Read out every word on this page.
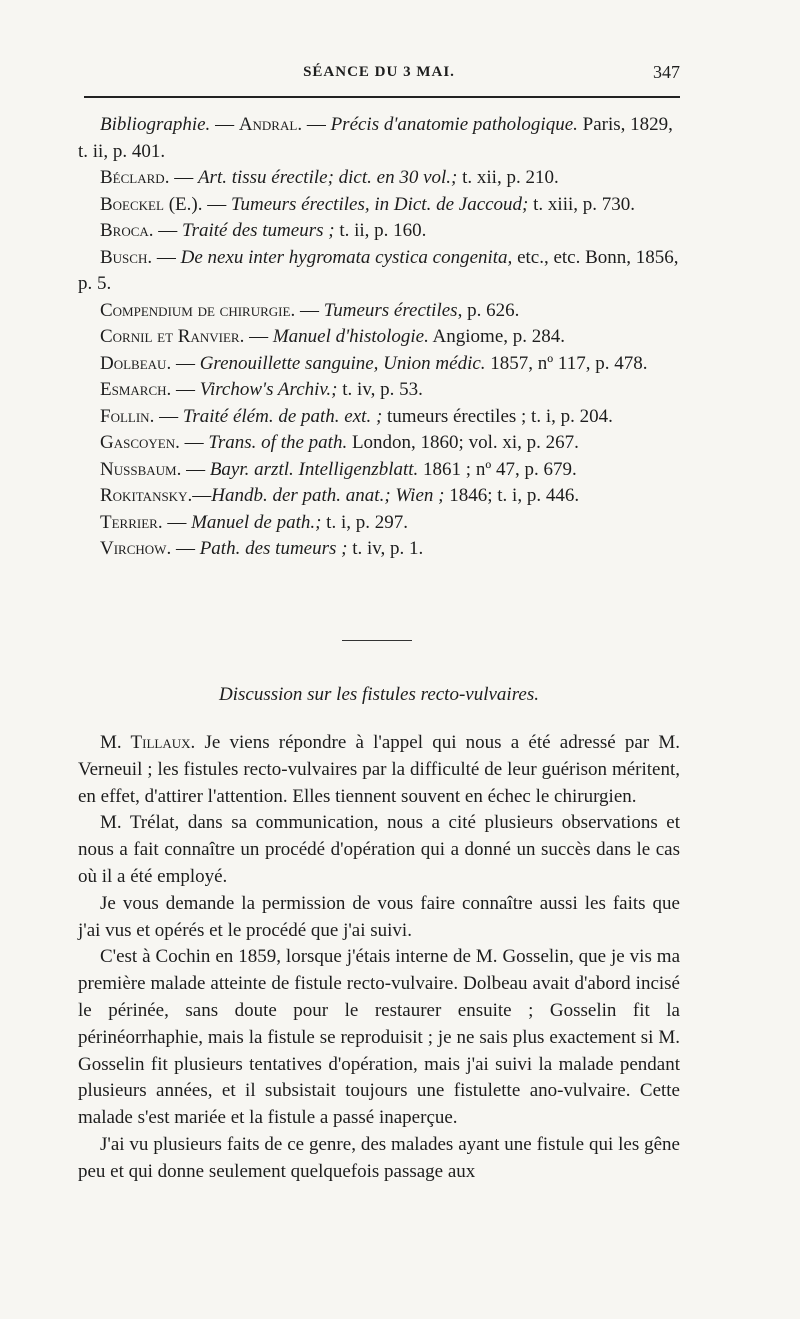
SÉANCE DU 3 MAI.	347

Bibliographie. — Andral. — Précis d'anatomie pathologique. Paris, 1829, t. ii, p. 401.

Béclard. — Art. tissu érectile; dict. en 30 vol.; t. xii, p. 210.

Boeckel (E.). — Tumeurs érectiles, in Dict. de Jaccoud; t. xiii, p. 730.

Broca. — Traité des tumeurs ; t. ii, p. 160.

Busch. — De nexu inter hygromata cystica congenita, etc., etc. Bonn, 1856, p. 5.

Compendium de chirurgie. — Tumeurs érectiles, p. 626.

Cornil et Ranvier. — Manuel d'histologie. Angiome, p. 284.

Dolbeau. — Grenouillette sanguine, Union médic. 1857, nº 117, p. 478.

Esmarch. — Virchow's Archiv.; t. iv, p. 53.

Follin. — Traité élém. de path. ext. ; tumeurs érectiles ; t. i, p. 204.

Gascoyen. — Trans. of the path. London, 1860; vol. xi, p. 267.

Nussbaum. — Bayr. arztl. Intelligenzblatt. 1861 ; nº 47, p. 679.

Rokitansky.—Handb. der path. anat.; Wien ; 1846; t. i, p. 446.

Terrier. — Manuel de path.; t. i, p. 297.

Virchow. — Path. des tumeurs ; t. iv, p. 1.

Discussion sur les fistules recto-vulvaires.

M. Tillaux. Je viens répondre à l'appel qui nous a été adressé par M. Verneuil ; les fistules recto-vulvaires par la difficulté de leur guérison méritent, en effet, d'attirer l'attention. Elles tiennent souvent en échec le chirurgien.

M. Trélat, dans sa communication, nous a cité plusieurs observations et nous a fait connaître un procédé d'opération qui a donné un succès dans le cas où il a été employé.

Je vous demande la permission de vous faire connaître aussi les faits que j'ai vus et opérés et le procédé que j'ai suivi.

C'est à Cochin en 1859, lorsque j'étais interne de M. Gosselin, que je vis ma première malade atteinte de fistule recto-vulvaire. Dolbeau avait d'abord incisé le périnée, sans doute pour le restaurer ensuite ; Gosselin fit la périnéorrhaphie, mais la fistule se reproduisit ; je ne sais plus exactement si M. Gosselin fit plusieurs tentatives d'opération, mais j'ai suivi la malade pendant plusieurs années, et il subsistait toujours une fistulette ano-vulvaire. Cette malade s'est mariée et la fistule a passé inaperçue.

J'ai vu plusieurs faits de ce genre, des malades ayant une fistule qui les gêne peu et qui donne seulement quelquefois passage aux
